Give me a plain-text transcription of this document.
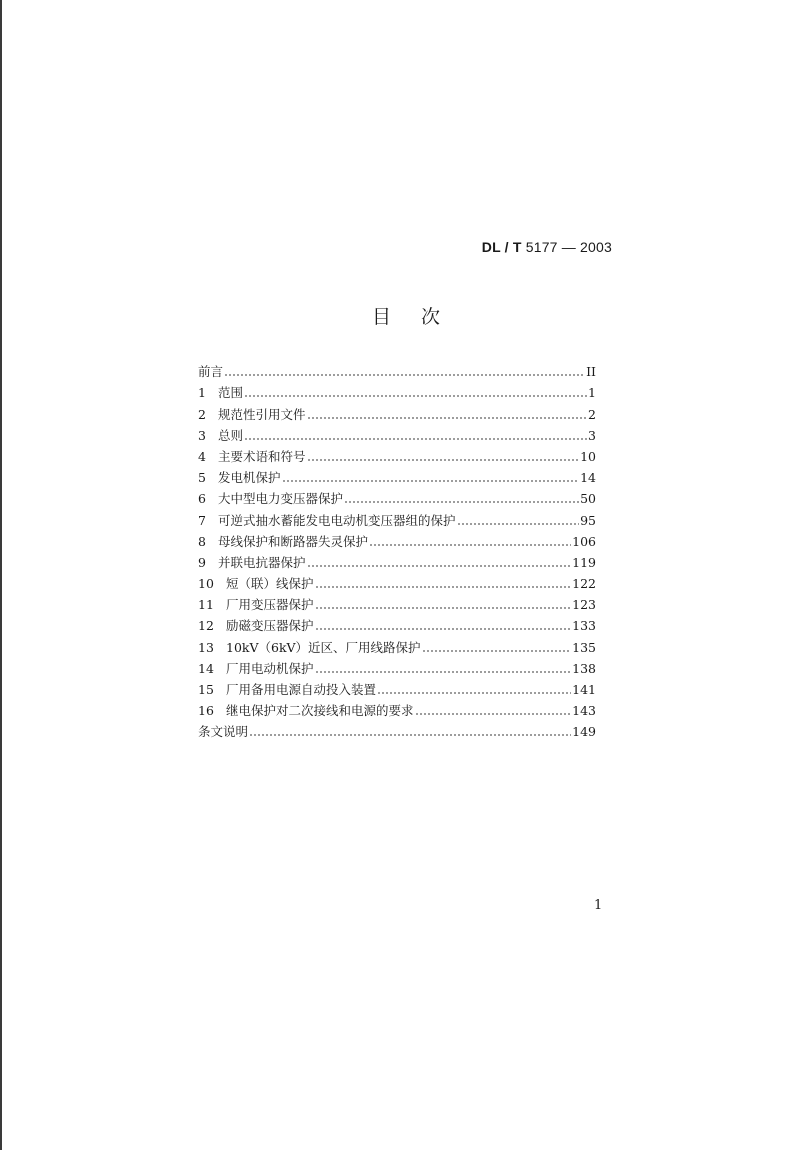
DL / T 5177 — 2003
目次
前言	II
1 范围	1
2 规范性引用文件	2
3 总则	3
4 主要术语和符号	10
5 发电机保护	14
6 大中型电力变压器保护	50
7 可逆式抽水蓄能发电电动机变压器组的保护	95
8 母线保护和断路器失灵保护	106
9 并联电抗器保护	119
10 短（联）线保护	122
11 厂用变压器保护	123
12 励磁变压器保护	133
13 10kV（6kV）近区、厂用线路保护	135
14 厂用电动机保护	138
15 厂用备用电源自动投入装置	141
16 继电保护对二次接线和电源的要求	143
条文说明	149
1
